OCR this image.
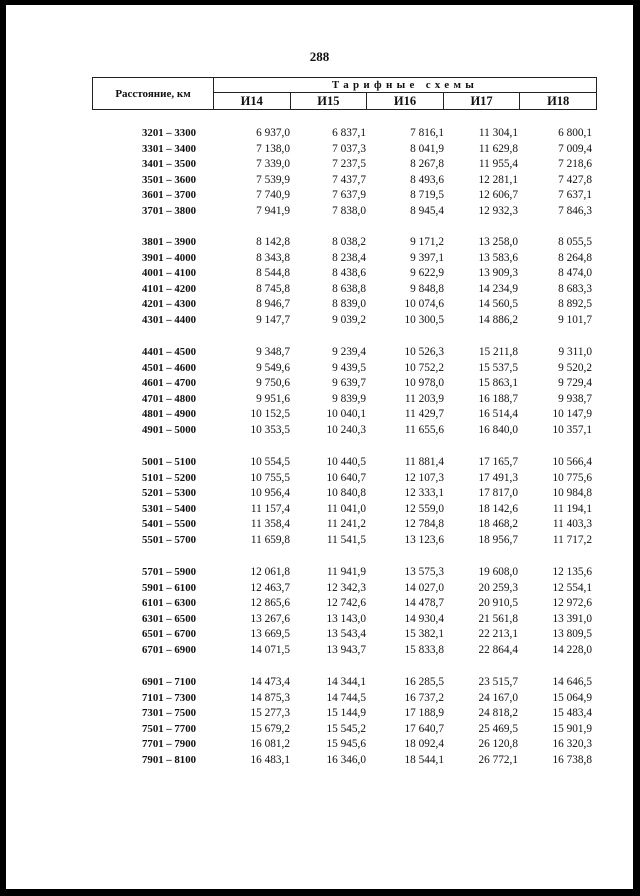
288
Расстояние, км	Тарифные схемы				
	И14	И15	И16	И17	И18
3201 – 3300	6 937,0	6 837,1	7 816,1	11 304,1	6 800,1
3301 – 3400	7 138,0	7 037,3	8 041,9	11 629,8	7 009,4
3401 – 3500	7 339,0	7 237,5	8 267,8	11 955,4	7 218,6
3501 – 3600	7 539,9	7 437,7	8 493,6	12 281,1	7 427,8
3601 – 3700	7 740,9	7 637,9	8 719,5	12 606,7	7 637,1
3701 – 3800	7 941,9	7 838,0	8 945,4	12 932,3	7 846,3
3801 – 3900	8 142,8	8 038,2	9 171,2	13 258,0	8 055,5
3901 – 4000	8 343,8	8 238,4	9 397,1	13 583,6	8 264,8
4001 – 4100	8 544,8	8 438,6	9 622,9	13 909,3	8 474,0
4101 – 4200	8 745,8	8 638,8	9 848,8	14 234,9	8 683,3
4201 – 4300	8 946,7	8 839,0	10 074,6	14 560,5	8 892,5
4301 – 4400	9 147,7	9 039,2	10 300,5	14 886,2	9 101,7
4401 – 4500	9 348,7	9 239,4	10 526,3	15 211,8	9 311,0
4501 – 4600	9 549,6	9 439,5	10 752,2	15 537,5	9 520,2
4601 – 4700	9 750,6	9 639,7	10 978,0	15 863,1	9 729,4
4701 – 4800	9 951,6	9 839,9	11 203,9	16 188,7	9 938,7
4801 – 4900	10 152,5	10 040,1	11 429,7	16 514,4	10 147,9
4901 – 5000	10 353,5	10 240,3	11 655,6	16 840,0	10 357,1
5001 – 5100	10 554,5	10 440,5	11 881,4	17 165,7	10 566,4
5101 – 5200	10 755,5	10 640,7	12 107,3	17 491,3	10 775,6
5201 – 5300	10 956,4	10 840,8	12 333,1	17 817,0	10 984,8
5301 – 5400	11 157,4	11 041,0	12 559,0	18 142,6	11 194,1
5401 – 5500	11 358,4	11 241,2	12 784,8	18 468,2	11 403,3
5501 – 5700	11 659,8	11 541,5	13 123,6	18 956,7	11 717,2
5701 – 5900	12 061,8	11 941,9	13 575,3	19 608,0	12 135,6
5901 – 6100	12 463,7	12 342,3	14 027,0	20 259,3	12 554,1
6101 – 6300	12 865,6	12 742,6	14 478,7	20 910,5	12 972,6
6301 – 6500	13 267,6	13 143,0	14 930,4	21 561,8	13 391,0
6501 – 6700	13 669,5	13 543,4	15 382,1	22 213,1	13 809,5
6701 – 6900	14 071,5	13 943,7	15 833,8	22 864,4	14 228,0
6901 – 7100	14 473,4	14 344,1	16 285,5	23 515,7	14 646,5
7101 – 7300	14 875,3	14 744,5	16 737,2	24 167,0	15 064,9
7301 – 7500	15 277,3	15 144,9	17 188,9	24 818,2	15 483,4
7501 – 7700	15 679,2	15 545,2	17 640,7	25 469,5	15 901,9
7701 – 7900	16 081,2	15 945,6	18 092,4	26 120,8	16 320,3
7901 – 8100	16 483,1	16 346,0	18 544,1	26 772,1	16 738,8
